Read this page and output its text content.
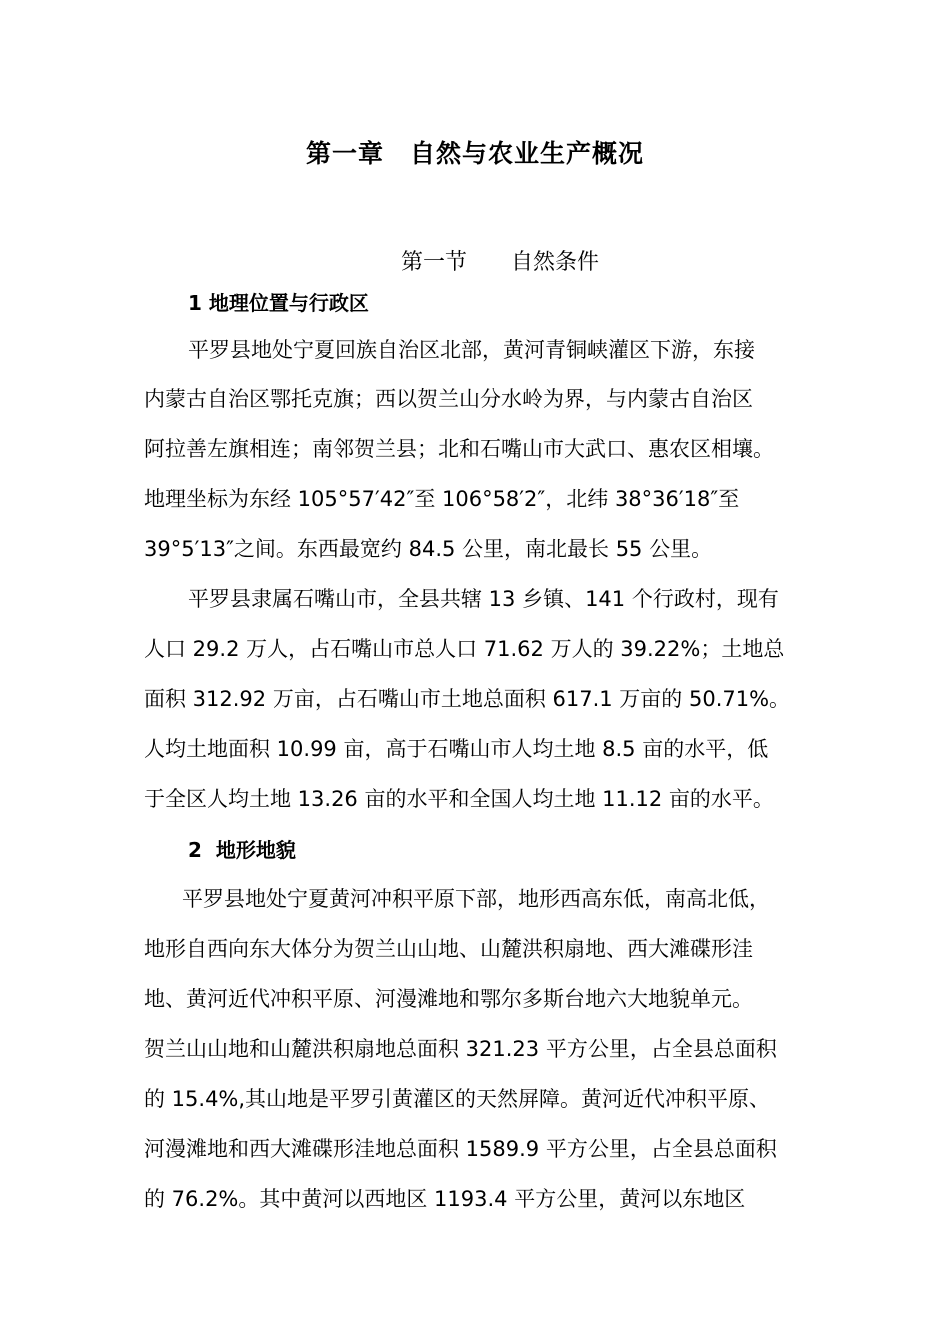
第一章　自然与农业生产概况
第一节　　自然条件
1 地理位置与行政区
平罗县地处宁夏回族自治区北部，黄河青铜峡灌区下游，东接
内蒙古自治区鄂托克旗；西以贺兰山分水岭为界，与内蒙古自治区
阿拉善左旗相连；南邻贺兰县；北和石嘴山市大武口、惠农区相壤。
地理坐标为东经 105°57′42″至 106°58′2″，北纬 38°36′18″至
39°5′13″之间。东西最宽约 84.5 公里，南北最长 55 公里。
平罗县隶属石嘴山市，全县共辖 13 乡镇、141 个行政村，现有
人口 29.2 万人，占石嘴山市总人口 71.62 万人的 39.22%；土地总
面积 312.92 万亩，占石嘴山市土地总面积 617.1 万亩的 50.71%。
人均土地面积 10.99 亩，高于石嘴山市人均土地 8.5 亩的水平，低
于全区人均土地 13.26 亩的水平和全国人均土地 11.12 亩的水平。
2  地形地貌
平罗县地处宁夏黄河冲积平原下部，地形西高东低，南高北低，
地形自西向东大体分为贺兰山山地、山麓洪积扇地、西大滩碟形洼
地、黄河近代冲积平原、河漫滩地和鄂尔多斯台地六大地貌单元。
贺兰山山地和山麓洪积扇地总面积 321.23 平方公里，占全县总面积
的 15.4%,其山地是平罗引黄灌区的天然屏障。黄河近代冲积平原、
河漫滩地和西大滩碟形洼地总面积 1589.9 平方公里，占全县总面积
的 76.2%。其中黄河以西地区 1193.4 平方公里，黄河以东地区
